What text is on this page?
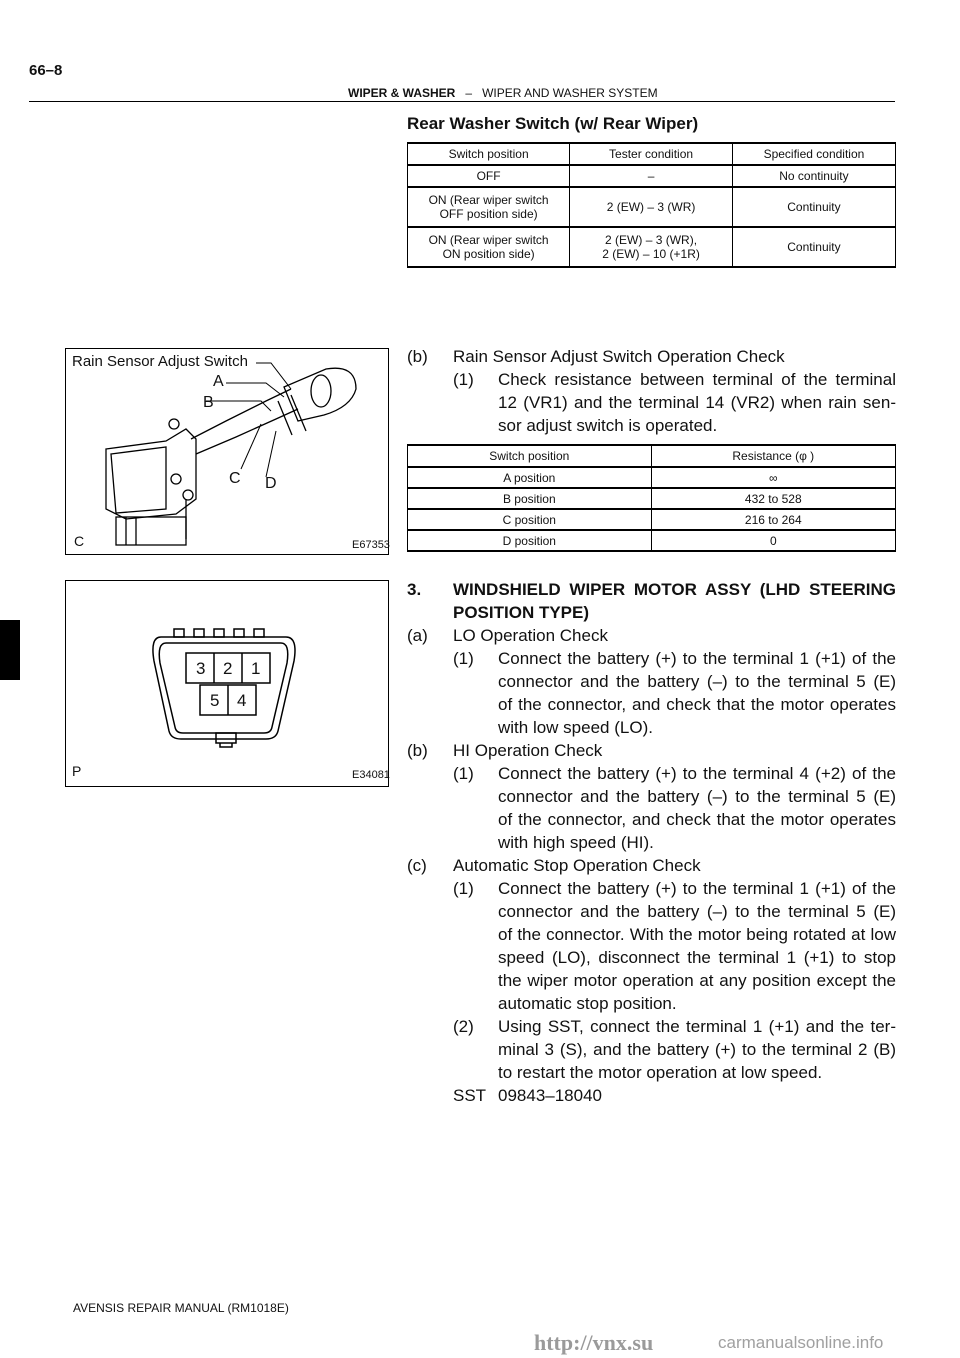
66–8
WIPER & WASHER – WIPER AND WASHER SYSTEM
Rear Washer Switch (w/ Rear Wiper)
Switch position	Tester condition	Specified condition
OFF	–	No continuity
ON (Rear wiper switch
OFF position side)	2 (EW) – 3 (WR)	Continuity
ON (Rear wiper switch
ON position side)	2 (EW) – 3 (WR),
2 (EW) – 10 (+1R)	Continuity
Rain Sensor Adjust Switch
A
B
C D
C	E67353
3 2 1
5 4
P	E34081
(b) Rain Sensor Adjust Switch Operation Check
(1) Check resistance between terminal of the terminal
12 (VR1) and the terminal 14 (VR2) when rain sen-
sor adjust switch is operated.
Switch position	Resistance (φ )
A position	∞
B position	432 to 528
C position	216 to 264
D position	0
3. WINDSHIELD WIPER MOTOR ASSY (LHD STEERING
POSITION TYPE)
(a) LO Operation Check
(1) Connect the battery (+) to the terminal 1 (+1) of the
connector and the battery (–) to the terminal 5 (E)
of the connector, and check that the motor operates
with low speed (LO).
(b) HI Operation Check
(1) Connect the battery (+) to the terminal 4 (+2) of the
connector and the battery (–) to the terminal 5 (E)
of the connector, and check that the motor operates
with high speed (HI).
(c) Automatic Stop Operation Check
(1) Connect the battery (+) to the terminal 1 (+1) of the
connector and the battery (–) to the terminal 5 (E)
of the connector. With the motor being rotated at low
speed (LO), disconnect the terminal 1 (+1) to stop
the wiper motor operation at any position except the
automatic stop position.
(2) Using SST, connect the terminal 1 (+1) and the ter-
minal 3 (S), and the battery (+) to the terminal 2 (B)
to restart the motor operation at low speed.
SST 09843–18040
AVENSIS REPAIR MANUAL (RM1018E)
http://vnx.su	carmanualsonline.info
